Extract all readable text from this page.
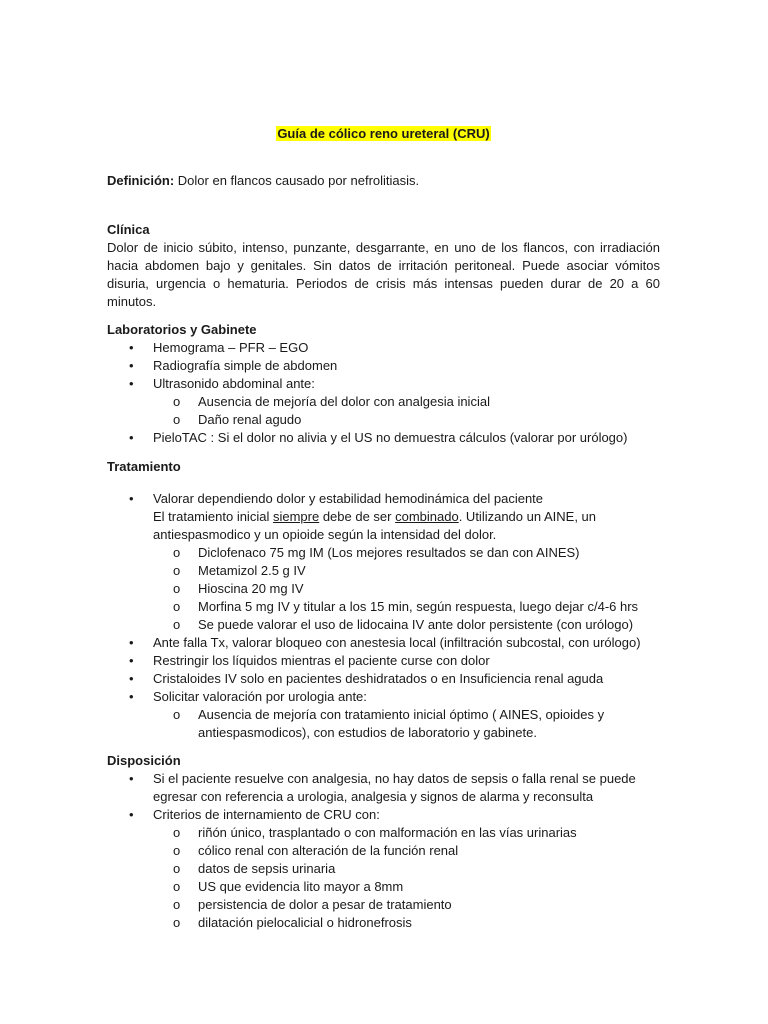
Guía de cólico reno ureteral (CRU)
Definición: Dolor en flancos causado por nefrolitiasis.
Clínica
Dolor de inicio súbito, intenso, punzante, desgarrante, en uno de los flancos, con irradiación hacia abdomen bajo y genitales. Sin datos de irritación peritoneal. Puede asociar vómitos disuria, urgencia o hematuria. Periodos de crisis más intensas pueden durar de 20 a 60 minutos.
Laboratorios y Gabinete
• Hemograma – PFR – EGO
• Radiografía simple de abdomen
• Ultrasonido abdominal ante:
o Ausencia de mejoría del dolor con analgesia inicial
o Daño renal agudo
• PieloTAC : Si el dolor no alivia y el US no demuestra cálculos (valorar por urólogo)
Tratamiento
• Valorar dependiendo dolor y estabilidad hemodinámica del paciente
El tratamiento inicial siempre debe de ser combinado. Utilizando un AINE, un antiespasmodico y un opioide según la intensidad del dolor.
o Diclofenaco 75 mg IM (Los mejores resultados se dan con AINES)
o Metamizol 2.5 g IV
o Hioscina 20 mg IV
o Morfina 5 mg IV y titular a los 15 min, según respuesta, luego dejar c/4-6 hrs
o Se puede valorar el uso de lidocaina IV ante dolor persistente (con urólogo)
• Ante falla Tx, valorar bloqueo con anestesia local (infiltración subcostal, con urólogo)
• Restringir los líquidos mientras el paciente curse con dolor
• Cristaloides IV solo en pacientes deshidratados o en Insuficiencia renal aguda
• Solicitar valoración por urologia ante:
o Ausencia de mejoría con tratamiento inicial óptimo ( AINES, opioides y antiespasmodicos), con estudios de laboratorio y gabinete.
Disposición
• Si el paciente resuelve con analgesia, no hay datos de sepsis o falla renal se puede egresar con referencia a urologia, analgesia y signos de alarma y reconsulta
• Criterios de internamiento de CRU con:
o riñón único, trasplantado o con malformación en las vías urinarias
o cólico renal con alteración de la función renal
o datos de sepsis urinaria
o US que evidencia lito mayor a 8mm
o persistencia de dolor a pesar de tratamiento
o dilatación pielocalicial o hidronefrosis
